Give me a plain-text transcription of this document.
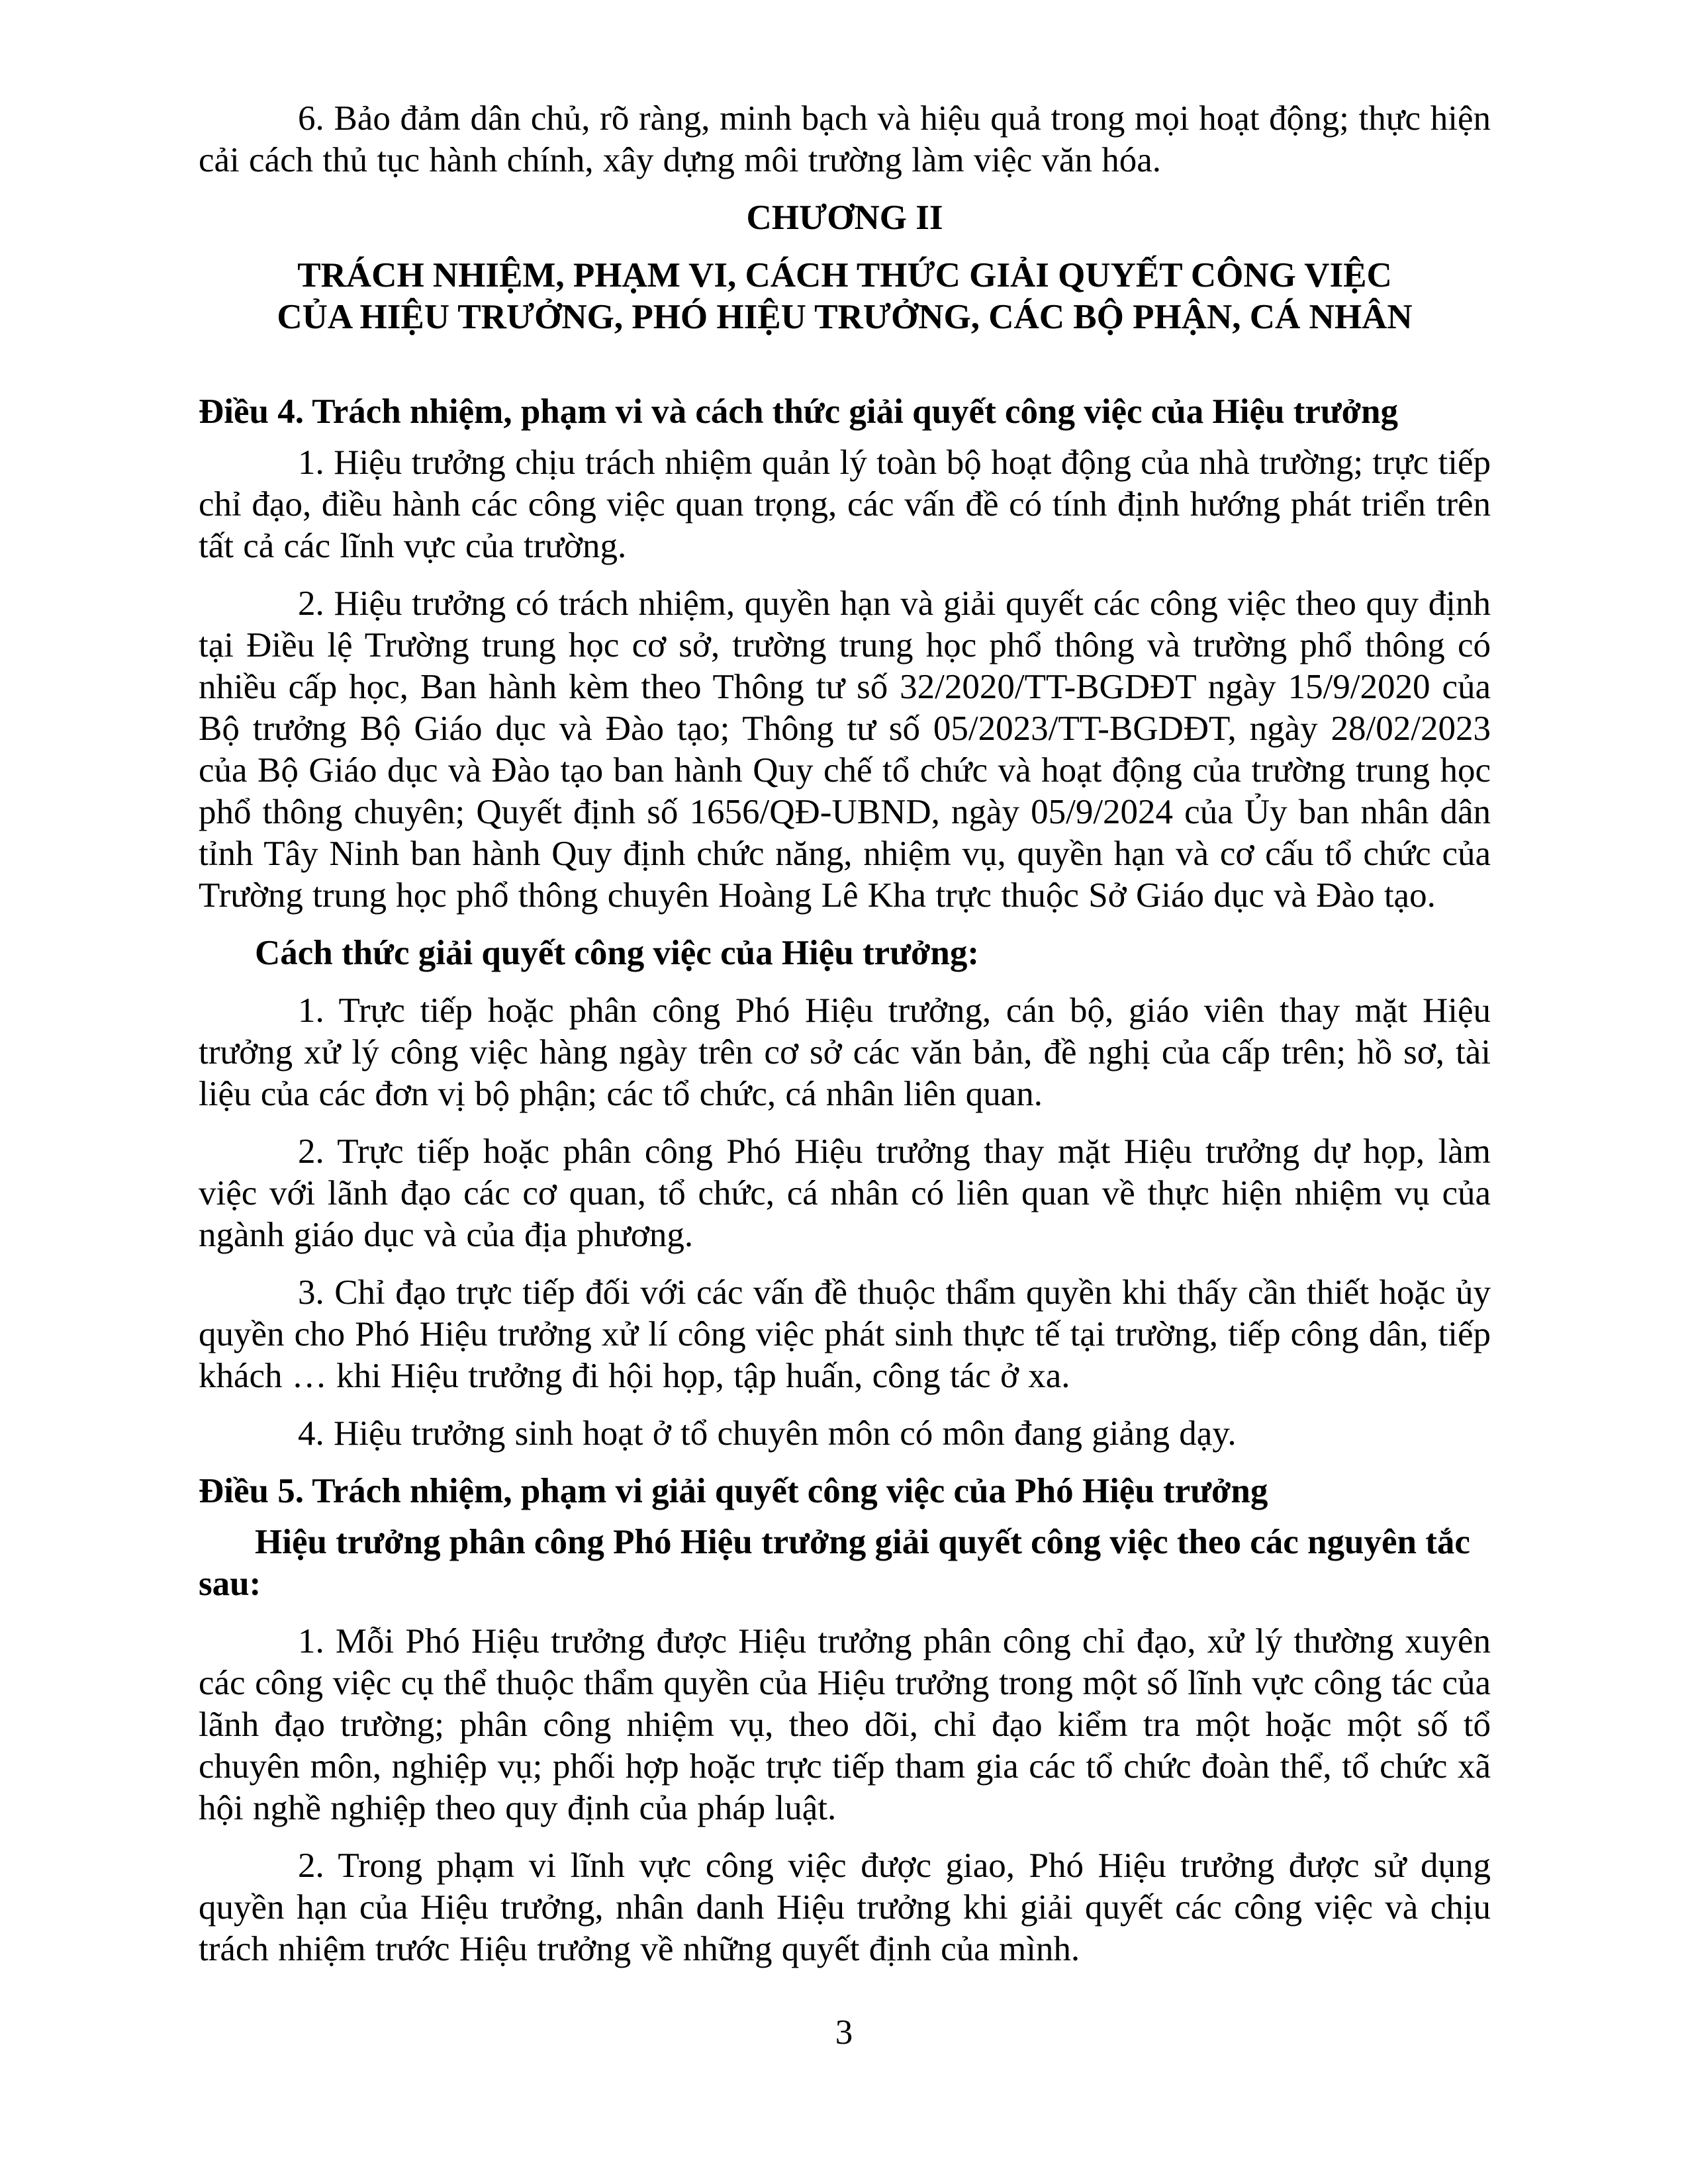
6. Bảo đảm dân chủ, rõ ràng, minh bạch và hiệu quả trong mọi hoạt động; thực hiện cải cách thủ tục hành chính, xây dựng môi trường làm việc văn hóa.

CHƯƠNG II

TRÁCH NHIỆM, PHẠM VI, CÁCH THỨC GIẢI QUYẾT CÔNG VIỆC
CỦA HIỆU TRƯỞNG, PHÓ HIỆU TRƯỞNG, CÁC BỘ PHẬN, CÁ NHÂN

Điều 4. Trách nhiệm, phạm vi và cách thức giải quyết công việc của Hiệu trưởng

1. Hiệu trưởng chịu trách nhiệm quản lý toàn bộ hoạt động của nhà trường; trực tiếp chỉ đạo, điều hành các công việc quan trọng, các vấn đề có tính định hướng phát triển trên tất cả các lĩnh vực của trường.

2. Hiệu trưởng có trách nhiệm, quyền hạn và giải quyết các công việc theo quy định tại Điều lệ Trường trung học cơ sở, trường trung học phổ thông và trường phổ thông có nhiều cấp học, Ban hành kèm theo Thông tư số 32/2020/TT-BGDĐT ngày 15/9/2020 của Bộ trưởng Bộ Giáo dục và Đào tạo; Thông tư số 05/2023/TT-BGDĐT, ngày 28/02/2023 của Bộ Giáo dục và Đào tạo ban hành Quy chế tổ chức và hoạt động của trường trung học phổ thông chuyên; Quyết định số 1656/QĐ-UBND, ngày 05/9/2024 của Ủy ban nhân dân tỉnh Tây Ninh ban hành Quy định chức năng, nhiệm vụ, quyền hạn và cơ cấu tổ chức của Trường trung học phổ thông chuyên Hoàng Lê Kha trực thuộc Sở Giáo dục và Đào tạo.

Cách thức giải quyết công việc của Hiệu trưởng:

1. Trực tiếp hoặc phân công Phó Hiệu trưởng, cán bộ, giáo viên thay mặt Hiệu trưởng xử lý công việc hàng ngày trên cơ sở các văn bản, đề nghị của cấp trên; hồ sơ, tài liệu của các đơn vị bộ phận; các tổ chức, cá nhân liên quan.

2. Trực tiếp hoặc phân công Phó Hiệu trưởng thay mặt Hiệu trưởng dự họp, làm việc với lãnh đạo các cơ quan, tổ chức, cá nhân có liên quan về thực hiện nhiệm vụ của ngành giáo dục và của địa phương.

3. Chỉ đạo trực tiếp đối với các vấn đề thuộc thẩm quyền khi thấy cần thiết hoặc ủy quyền cho Phó Hiệu trưởng xử lí công việc phát sinh thực tế tại trường, tiếp công dân, tiếp khách … khi Hiệu trưởng đi hội họp, tập huấn, công tác ở xa.

4. Hiệu trưởng sinh hoạt ở tổ chuyên môn có môn đang giảng dạy.

Điều 5. Trách nhiệm, phạm vi giải quyết công việc của Phó Hiệu trưởng

Hiệu trưởng phân công Phó Hiệu trưởng giải quyết công việc theo các nguyên tắc sau:

1. Mỗi Phó Hiệu trưởng được Hiệu trưởng phân công chỉ đạo, xử lý thường xuyên các công việc cụ thể thuộc thẩm quyền của Hiệu trưởng trong một số lĩnh vực công tác của lãnh đạo trường; phân công nhiệm vụ, theo dõi, chỉ đạo kiểm tra một hoặc một số tổ chuyên môn, nghiệp vụ; phối hợp hoặc trực tiếp tham gia các tổ chức đoàn thể, tổ chức xã hội nghề nghiệp theo quy định của pháp luật.

2. Trong phạm vi lĩnh vực công việc được giao, Phó Hiệu trưởng được sử dụng quyền hạn của Hiệu trưởng, nhân danh Hiệu trưởng khi giải quyết các công việc và chịu trách nhiệm trước Hiệu trưởng về những quyết định của mình.

3
